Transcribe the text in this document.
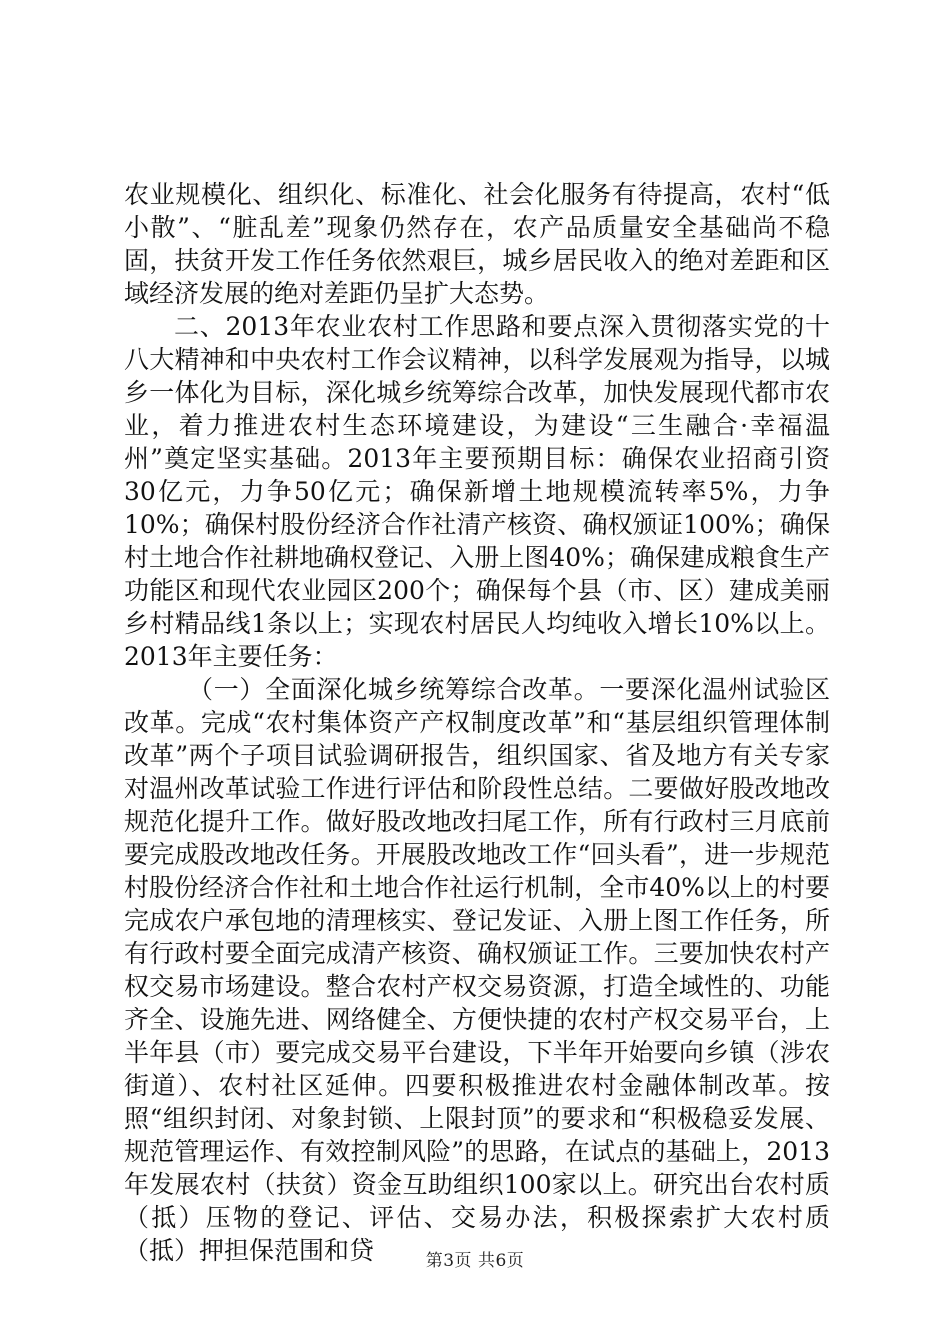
农业规模化、组织化、标准化、社会化服务有待提高，农村“低小散”、“脏乱差”现象仍然存在，农产品质量安全基础尚不稳固，扶贫开发工作任务依然艰巨，城乡居民收入的绝对差距和区域经济发展的绝对差距仍呈扩大态势。

二、2013年农业农村工作思路和要点深入贯彻落实党的十八大精神和中央农村工作会议精神，以科学发展观为指导，以城乡一体化为目标，深化城乡统筹综合改革，加快发展现代都市农业，着力推进农村生态环境建设，为建设“三生融合·幸福温州”奠定坚实基础。2013年主要预期目标：确保农业招商引资30亿元，力争50亿元；确保新增土地规模流转率5%，力争10%；确保村股份经济合作社清产核资、确权颁证100%；确保村土地合作社耕地确权登记、入册上图40%；确保建成粮食生产功能区和现代农业园区200个；确保每个县（市、区）建成美丽乡村精品线1条以上；实现农村居民人均纯收入增长10%以上。2013年主要任务：

（一）全面深化城乡统筹综合改革。一要深化温州试验区改革。完成“农村集体资产产权制度改革”和“基层组织管理体制改革”两个子项目试验调研报告，组织国家、省及地方有关专家对温州改革试验工作进行评估和阶段性总结。二要做好股改地改规范化提升工作。做好股改地改扫尾工作，所有行政村三月底前要完成股改地改任务。开展股改地改工作“回头看”，进一步规范村股份经济合作社和土地合作社运行机制，全市40%以上的村要完成农户承包地的清理核实、登记发证、入册上图工作任务，所有行政村要全面完成清产核资、确权颁证工作。三要加快农村产权交易市场建设。整合农村产权交易资源，打造全域性的、功能齐全、设施先进、网络健全、方便快捷的农村产权交易平台，上半年县（市）要完成交易平台建设，下半年开始要向乡镇（涉农街道）、农村社区延伸。四要积极推进农村金融体制改革。按照“组织封闭、对象封锁、上限封顶”的要求和“积极稳妥发展、规范管理运作、有效控制风险”的思路，在试点的基础上，2013年发展农村（扶贫）资金互助组织100家以上。研究出台农村质（抵）压物的登记、评估、交易办法，积极探索扩大农村质（抵）押担保范围和贷	第3页 共6页
